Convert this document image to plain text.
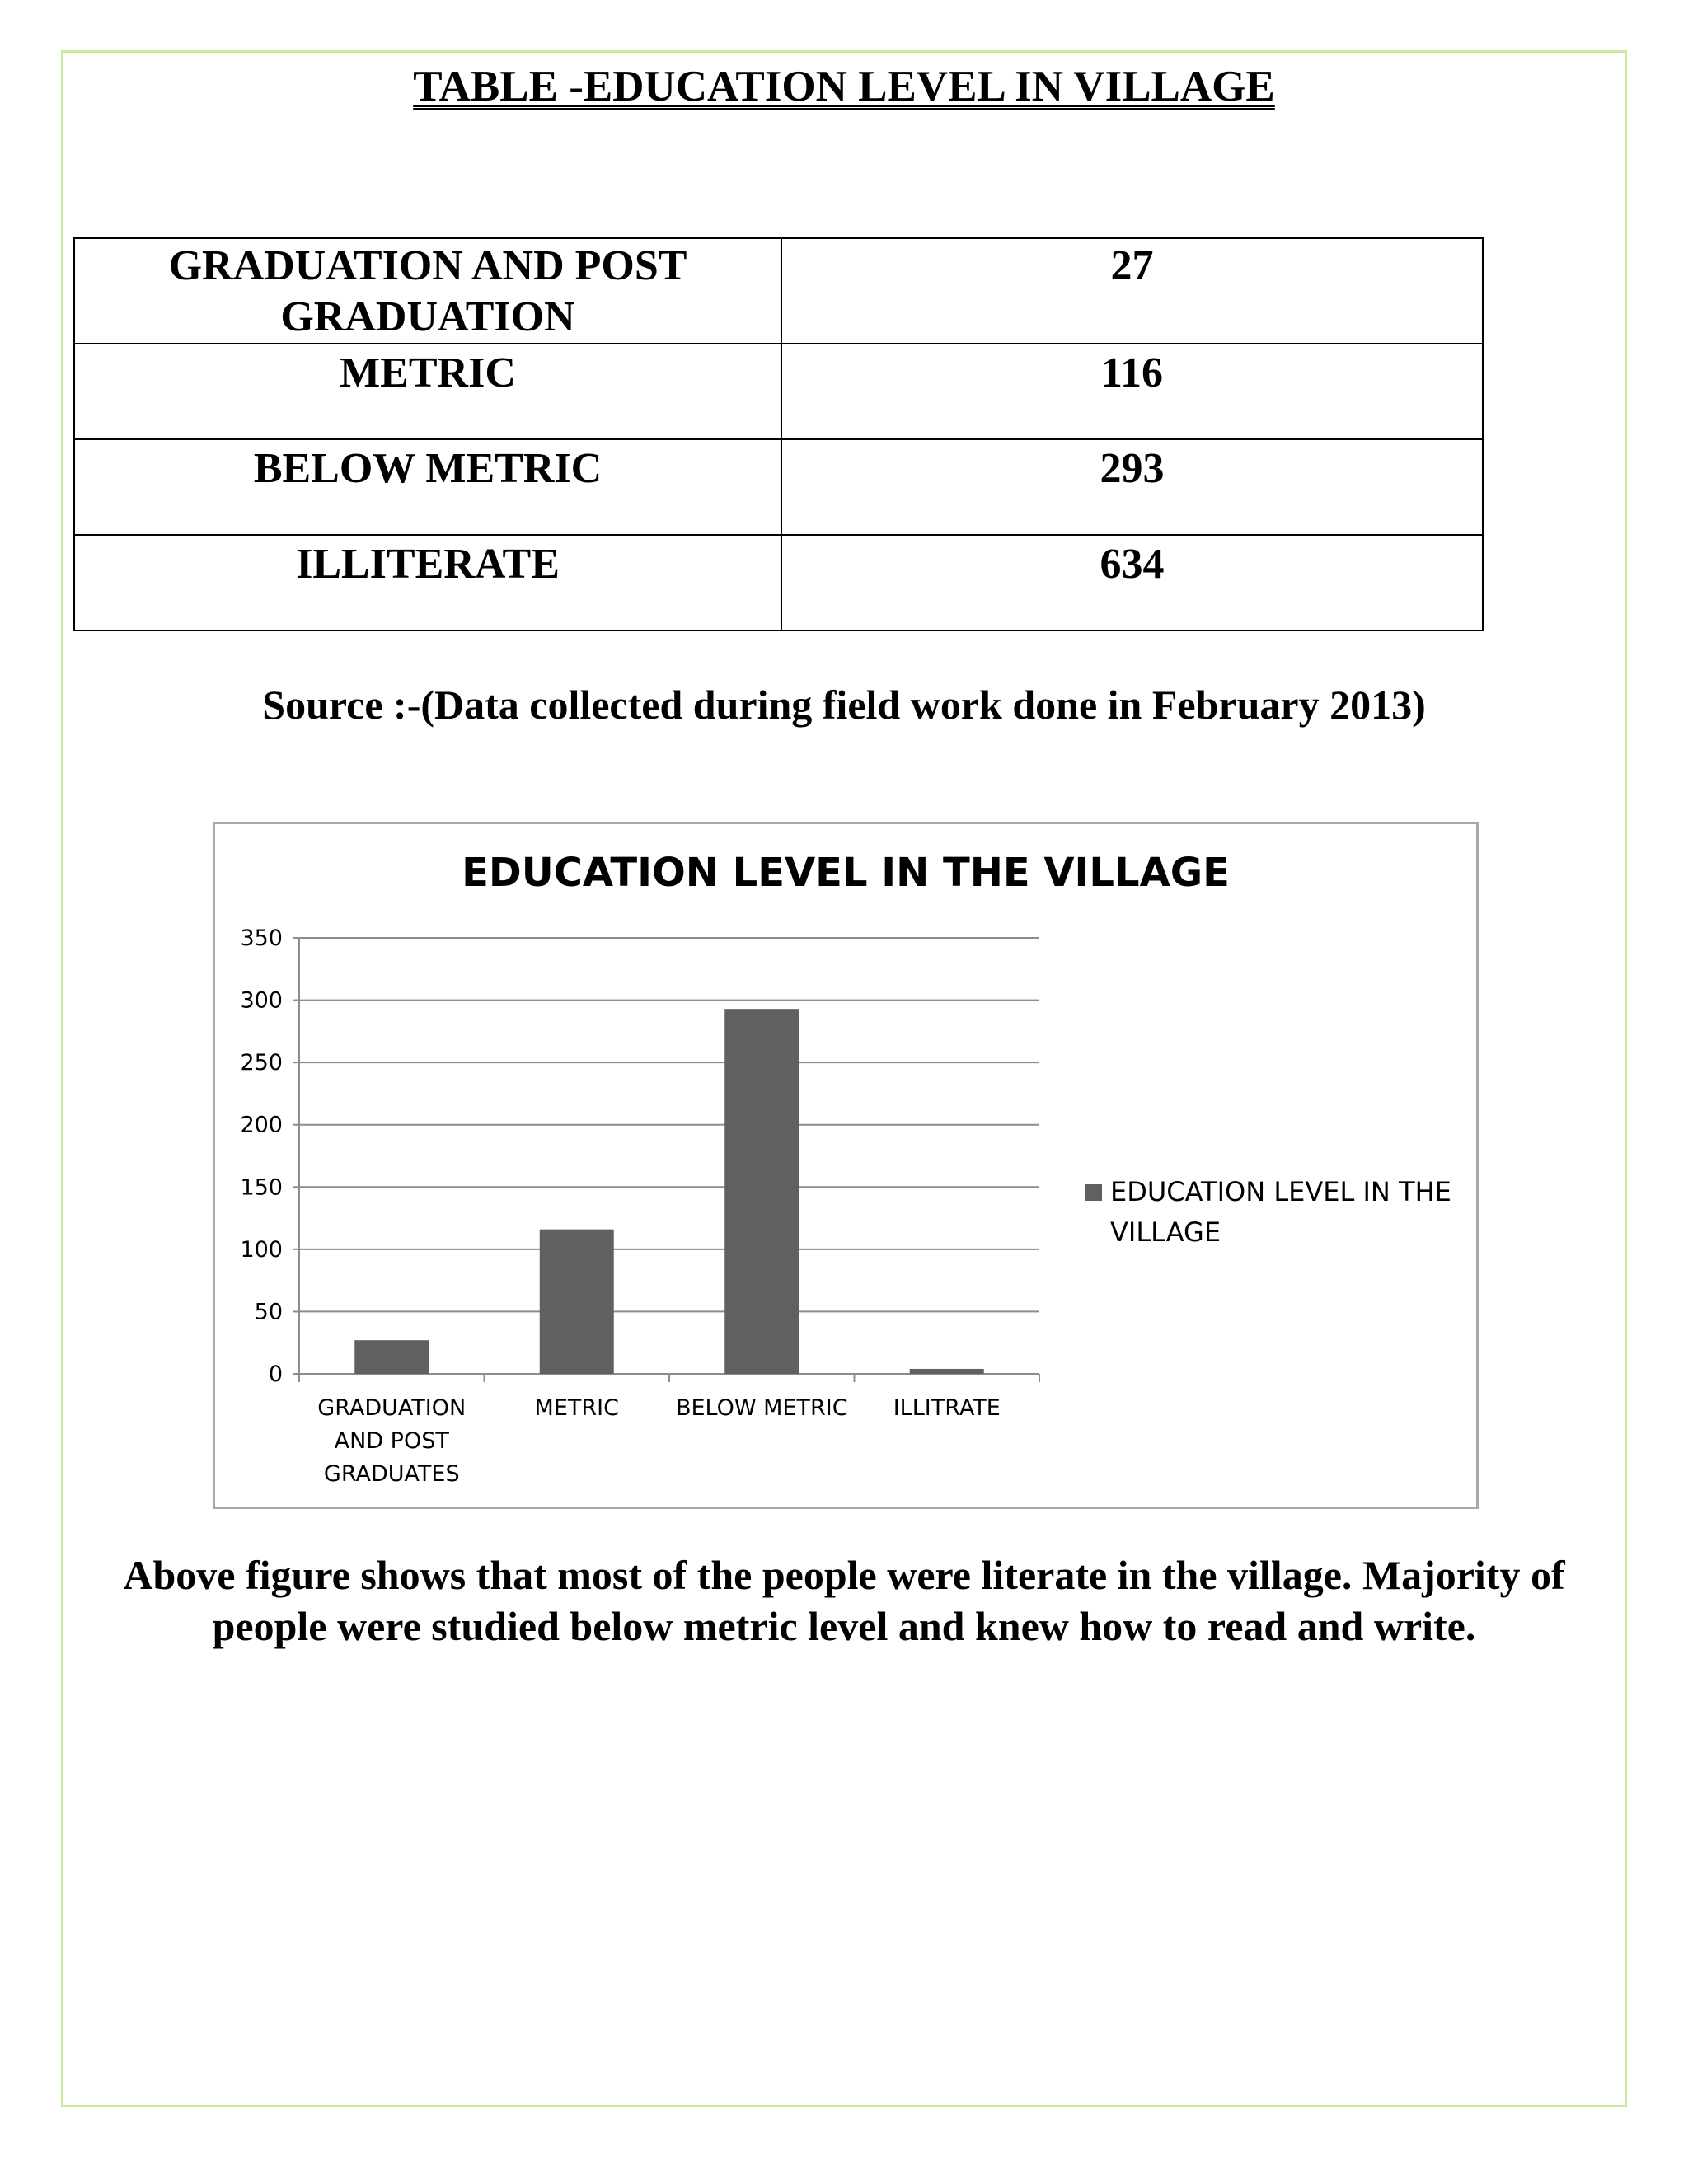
TABLE -EDUCATION LEVEL IN VILLAGE
GRADUATION AND POST
GRADUATION	27
METRIC	116
BELOW METRIC	293
ILLITERATE	634
Source :-(Data collected during field work done in February 2013)
EDUCATION LEVEL IN THE VILLAGE
0
50
100
150
200
250
300
350
GRADUATION
AND POST
GRADUATES
METRIC	BELOW METRIC ILLITRATE
EDUCATION LEVEL IN THE
VILLAGE
Above figure shows that most of the people were literate in the village. Majority of people were studied below metric level and knew how to read and write.
